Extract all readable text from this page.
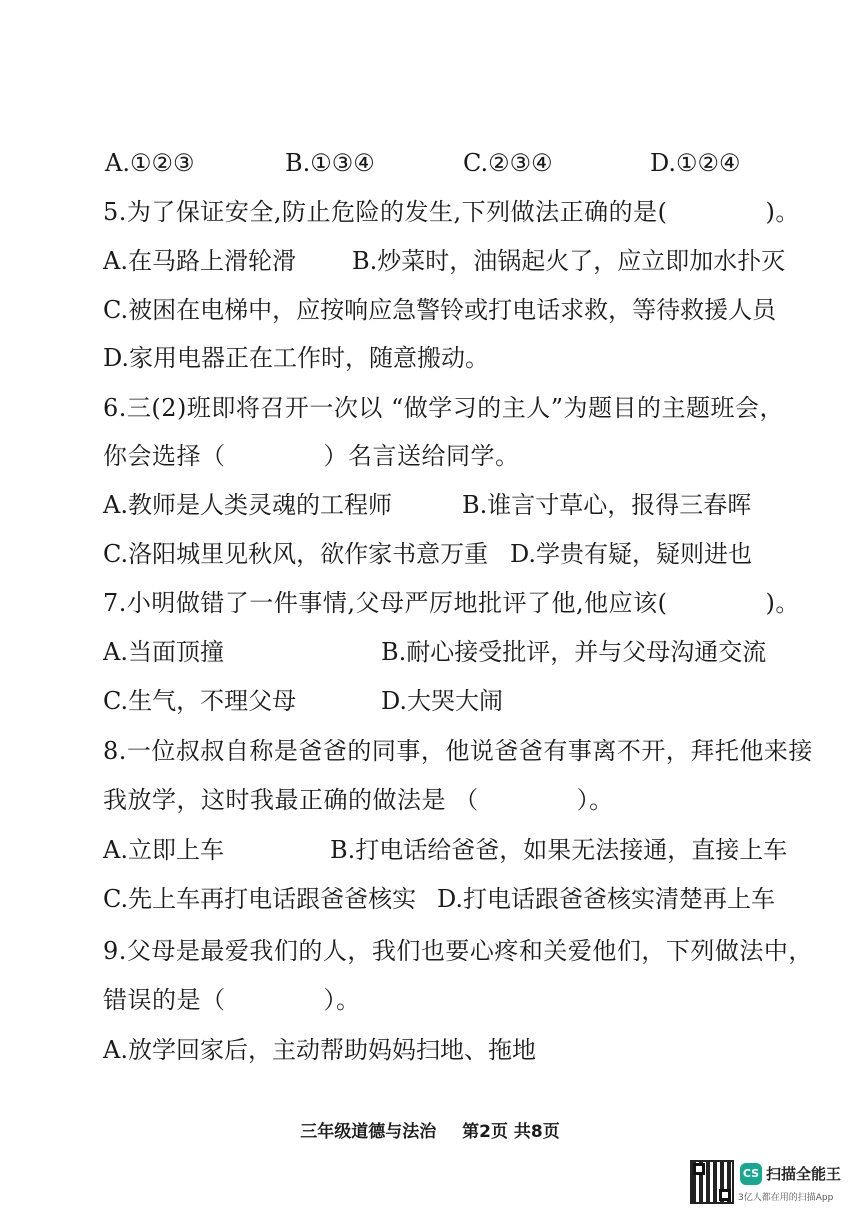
A.①②③	B.①③④	C.②③④	D.①②④
5.为了保证安全,防止危险的发生,下列做法正确的是(　　　　)。
A.在马路上滑轮滑 B.炒菜时，油锅起火了，应立即加水扑灭
C.被困在电梯中，应按响应急警铃或打电话求救，等待救援人员
D.家用电器正在工作时，随意搬动。
6.三(2)班即将召开一次以 “做学习的主人”为题目的主题班会，
你会选择（　　　　）名言送给同学。
A.教师是人类灵魂的工程师	B.谁言寸草心，报得三春晖
C.洛阳城里见秋风，欲作家书意万重 D.学贵有疑，疑则进也
7.小明做错了一件事情,父母严厉地批评了他,他应该(　　　　)。
A.当面顶撞	B.耐心接受批评，并与父母沟通交流
C.生气，不理父母	D.大哭大闹
8.一位叔叔自称是爸爸的同事，他说爸爸有事离不开，拜托他来接
我放学，这时我最正确的做法是 （　　　　）。
A.立即上车	B.打电话给爸爸，如果无法接通，直接上车
C.先上车再打电话跟爸爸核实 D.打电话跟爸爸核实清楚再上车
9.父母是最爱我们的人，我们也要心疼和关爱他们，下列做法中，
错误的是（　　　　）。
A.放学回家后，主动帮助妈妈扫地、拖地
三年级道德与法治 第2页 共8页
CS 扫描全能王
3亿人都在用的扫描App
